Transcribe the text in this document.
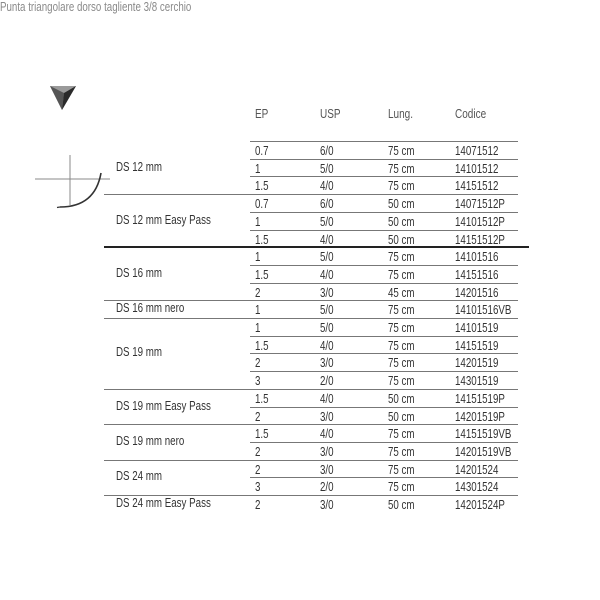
Punta triangolare dorso tagliente 3/8 cerchio
EP	USP	Lung.	Codice
0.7	6/0	75 cm	14071512
1	5/0	75 cm	14101512
1.5	4/0	75 cm	14151512
DS 12 mm
0.7	6/0	50 cm	14071512P
1	5/0	50 cm	14101512P
1.5	4/0	50 cm	14151512P
DS 12 mm Easy Pass
1	5/0	75 cm	14101516
1.5	4/0	75 cm	14151516
2	3/0	45 cm	14201516
DS 16 mm
1	5/0	75 cm	14101516VB
DS 16 mm nero
1	5/0	75 cm	14101519
1.5	4/0	75 cm	14151519
2	3/0	75 cm	14201519
3	2/0	75 cm	14301519
DS 19 mm
1.5	4/0	50 cm	14151519P
2	3/0	50 cm	14201519P
DS 19 mm Easy Pass
1.5	4/0	75 cm	14151519VB
2	3/0	75 cm	14201519VB
DS 19 mm nero
2	3/0	75 cm	14201524
3	2/0	75 cm	14301524
DS 24 mm
2	3/0	50 cm	14201524P
DS 24 mm Easy Pass
